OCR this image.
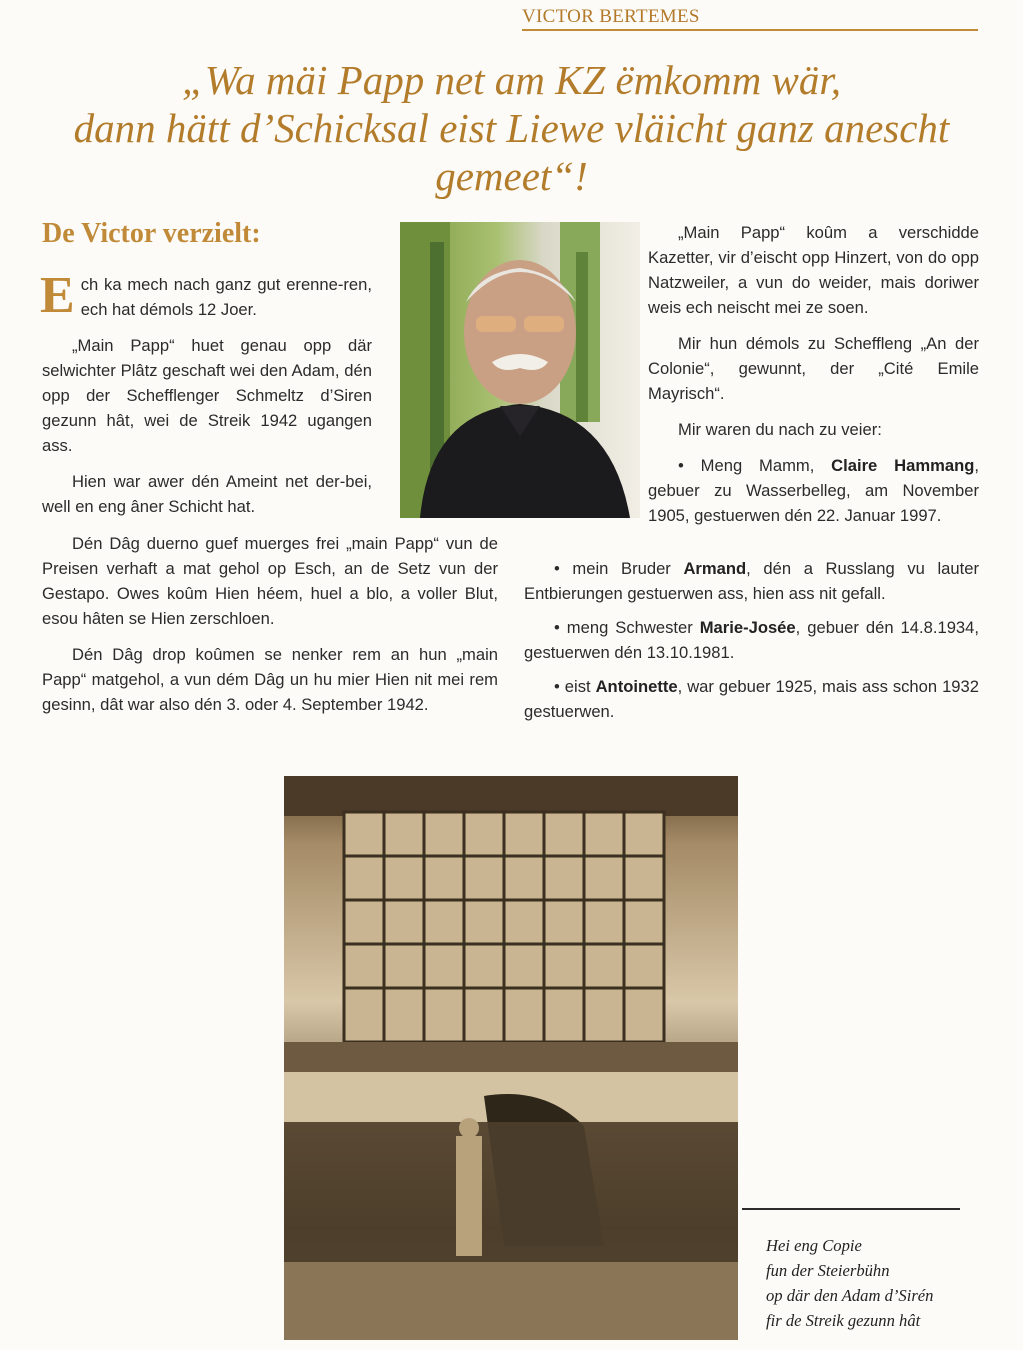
VICTOR BERTEMES
„Wa mäi Papp net am KZ ëmkomm wär,
dann hätt d’Schicksal eist Liewe vläicht ganz anescht gemeet“!
De Victor verzielt:
E ch ka mech nach ganz gut erenne-ren, ech hat démols 12 Joer.

„Main Papp“ huet genau opp där selwichter Plâtz geschaft wei den Adam, dén opp der Schefflenger Schmeltz d’Siren gezunn hât, wei de Streik 1942 ugangen ass.

Hien war awer dén Ameint net der-bei, well en eng âner Schicht hat.

Dén Dâg duerno guef muerges frei „main Papp“ vun de Preisen verhaft a mat gehol op Esch, an de Setz vun der Gestapo. Owes koûm Hien héem, huel a blo, a voller Blut, esou hâten se Hien zerschloen.

Dén Dâg drop koûmen se nenker rem an hun „main Papp“ matgehol, a vun dém Dâg un hu mier Hien nit mei rem gesinn, dât war also dén 3. oder 4. September 1942.

„Main Papp“ koûm a verschidde Kazetter, vir d’eischt opp Hinzert, von do opp Natzweiler, a vun do weider, mais doriwer weis ech neischt mei ze soen.

Mir hun démols zu Scheffleng „An der Colonie“, gewunnt, der „Cité Emile Mayrisch“.

Mir waren du nach zu veier:

• Meng Mamm, Claire Hammang, gebuer zu Wasserbelleg, am November 1905, gestuerwen dén 22. Januar 1997.

• mein Bruder Armand, dén a Russlang vu lauter Entbierungen gestuerwen ass, hien ass nit gefall.

• meng Schwester Marie-Josée, gebuer dén 14.8.1934, gestuerwen dén 13.10.1981.

• eist Antoinette, war gebuer 1925, mais ass schon 1932 gestuerwen.

Hei eng Copie
fun der Steierbühn
op där den Adam d’Sirén
fir de Streik gezunn hât
